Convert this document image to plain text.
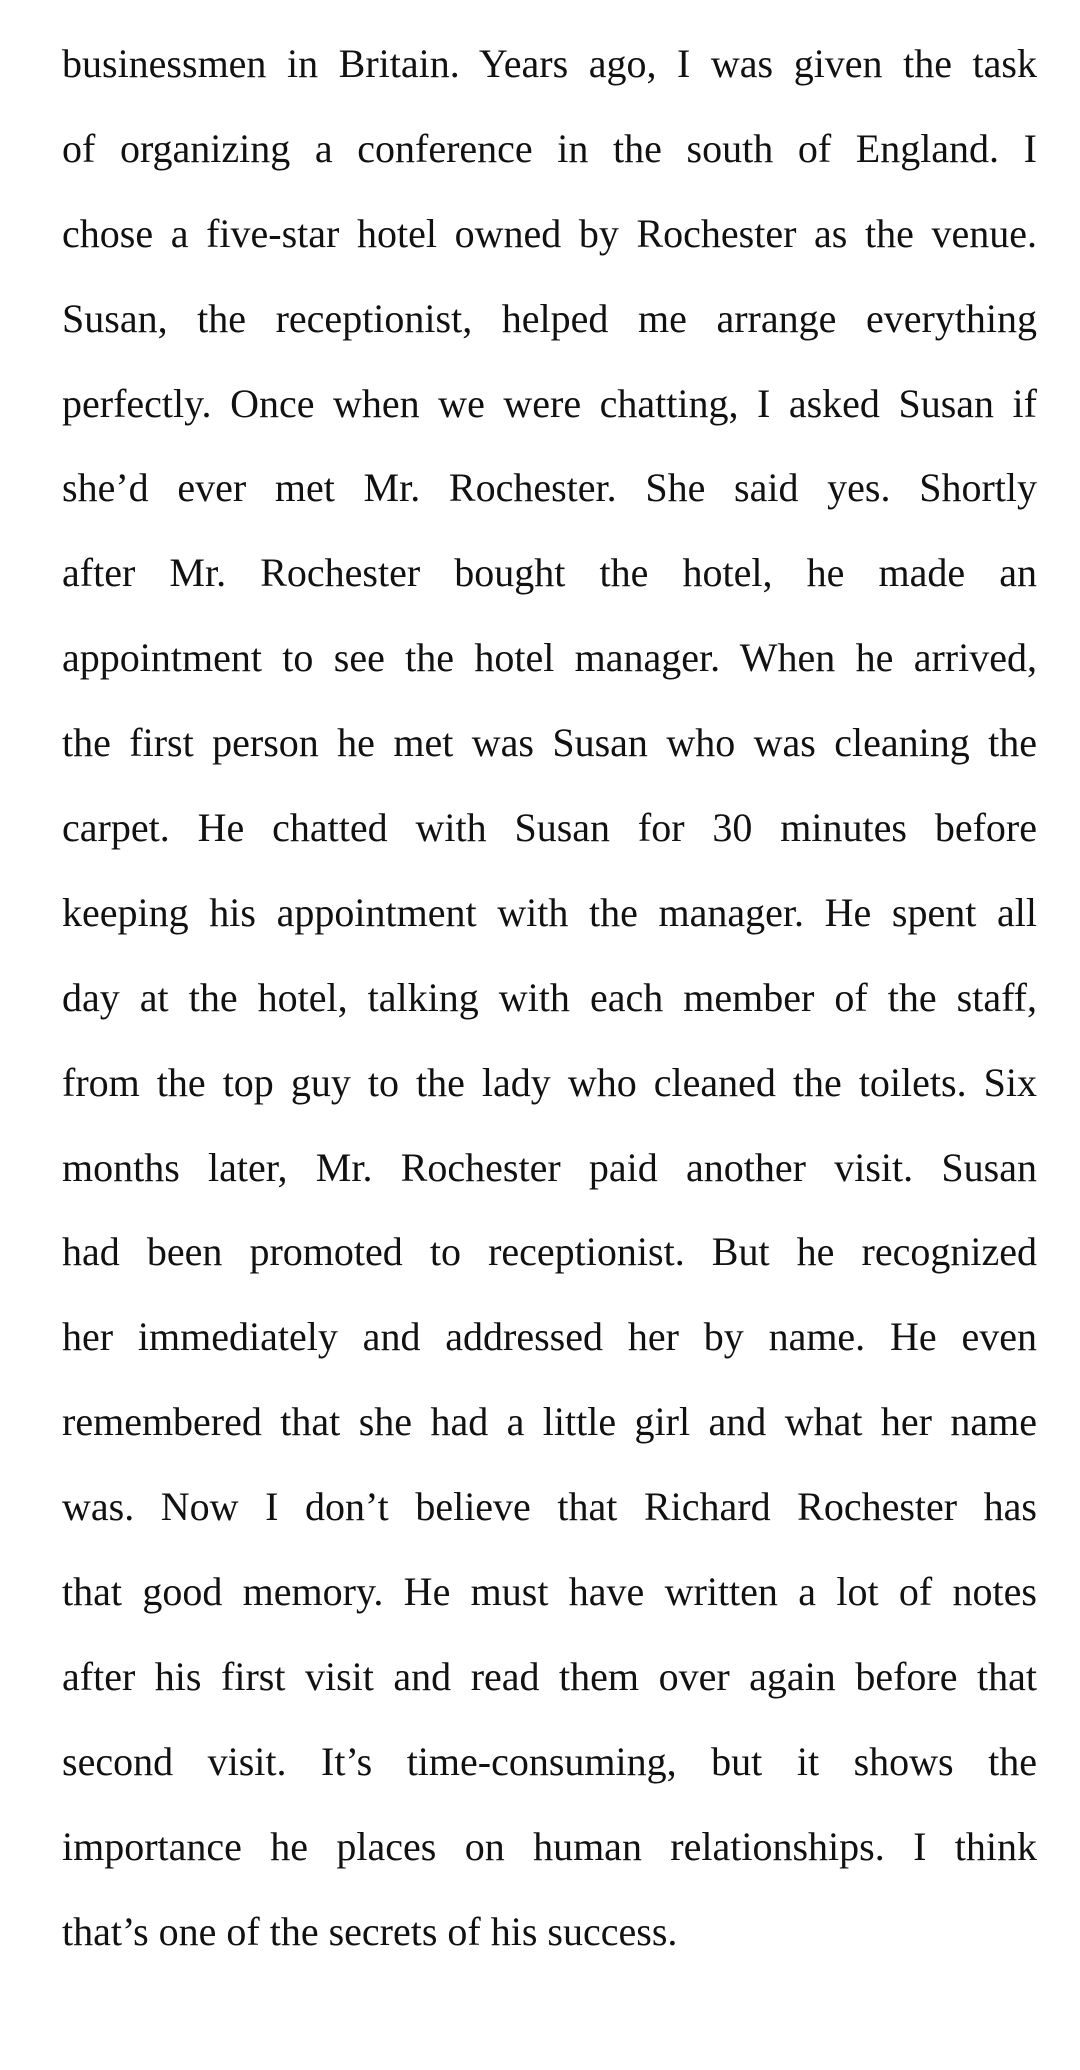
businessmen in Britain. Years ago, I was given the task
of organizing a conference in the south of England. I
chose a five-star hotel owned by Rochester as the venue.
Susan, the receptionist, helped me arrange everything
perfectly. Once when we were chatting, I asked Susan if
she’d ever met Mr. Rochester. She said yes. Shortly
after Mr. Rochester bought the hotel, he made an
appointment to see the hotel manager. When he arrived,
the first person he met was Susan who was cleaning the
carpet. He chatted with Susan for 30 minutes before
keeping his appointment with the manager. He spent all
day at the hotel, talking with each member of the staff,
from the top guy to the lady who cleaned the toilets. Six
months later, Mr. Rochester paid another visit. Susan
had been promoted to receptionist. But he recognized
her immediately and addressed her by name. He even
remembered that she had a little girl and what her name
was. Now I don’t believe that Richard Rochester has
that good memory. He must have written a lot of notes
after his first visit and read them over again before that
second visit. It’s time-consuming, but it shows the
importance he places on human relationships. I think
that’s one of the secrets of his success.
